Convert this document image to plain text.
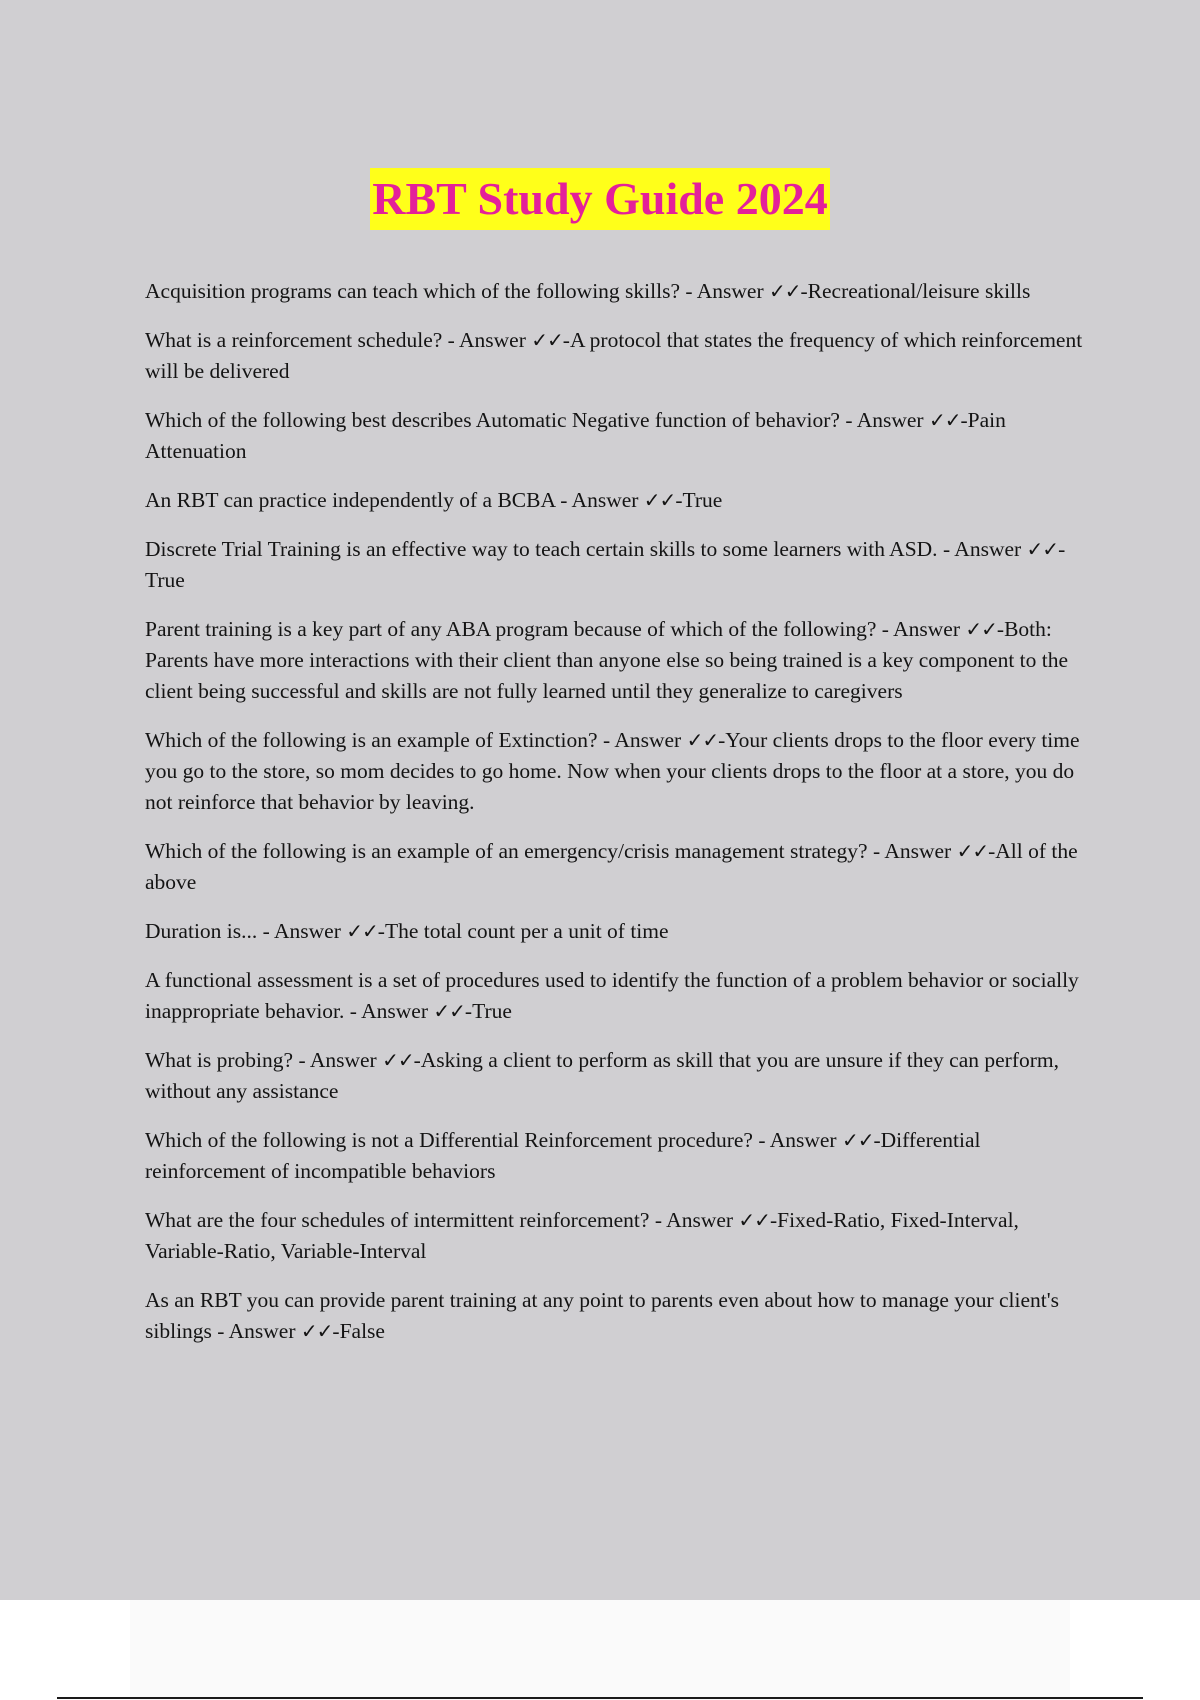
RBT Study Guide 2024
Acquisition programs can teach which of the following skills? - Answer ✓✓-Recreational/leisure skills
What is a reinforcement schedule? - Answer ✓✓-A protocol that states the frequency of which reinforcement will be delivered
Which of the following best describes Automatic Negative function of behavior? - Answer ✓✓-Pain Attenuation
An RBT can practice independently of a BCBA - Answer ✓✓-True
Discrete Trial Training is an effective way to teach certain skills to some learners with ASD. - Answer ✓✓-True
Parent training is a key part of any ABA program because of which of the following? - Answer ✓✓-Both: Parents have more interactions with their client than anyone else so being trained is a key component to the client being successful and skills are not fully learned until they generalize to caregivers
Which of the following is an example of Extinction? - Answer ✓✓-Your clients drops to the floor every time you go to the store, so mom decides to go home. Now when your clients drops to the floor at a store, you do not reinforce that behavior by leaving.
Which of the following is an example of an emergency/crisis management strategy? - Answer ✓✓-All of the above
Duration is... - Answer ✓✓-The total count per a unit of time
A functional assessment is a set of procedures used to identify the function of a problem behavior or socially inappropriate behavior. - Answer ✓✓-True
What is probing? - Answer ✓✓-Asking a client to perform as skill that you are unsure if they can perform, without any assistance
Which of the following is not a Differential Reinforcement procedure? - Answer ✓✓-Differential reinforcement of incompatible behaviors
What are the four schedules of intermittent reinforcement? - Answer ✓✓-Fixed-Ratio, Fixed-Interval, Variable-Ratio, Variable-Interval
As an RBT you can provide parent training at any point to parents even about how to manage your client's siblings - Answer ✓✓-False
